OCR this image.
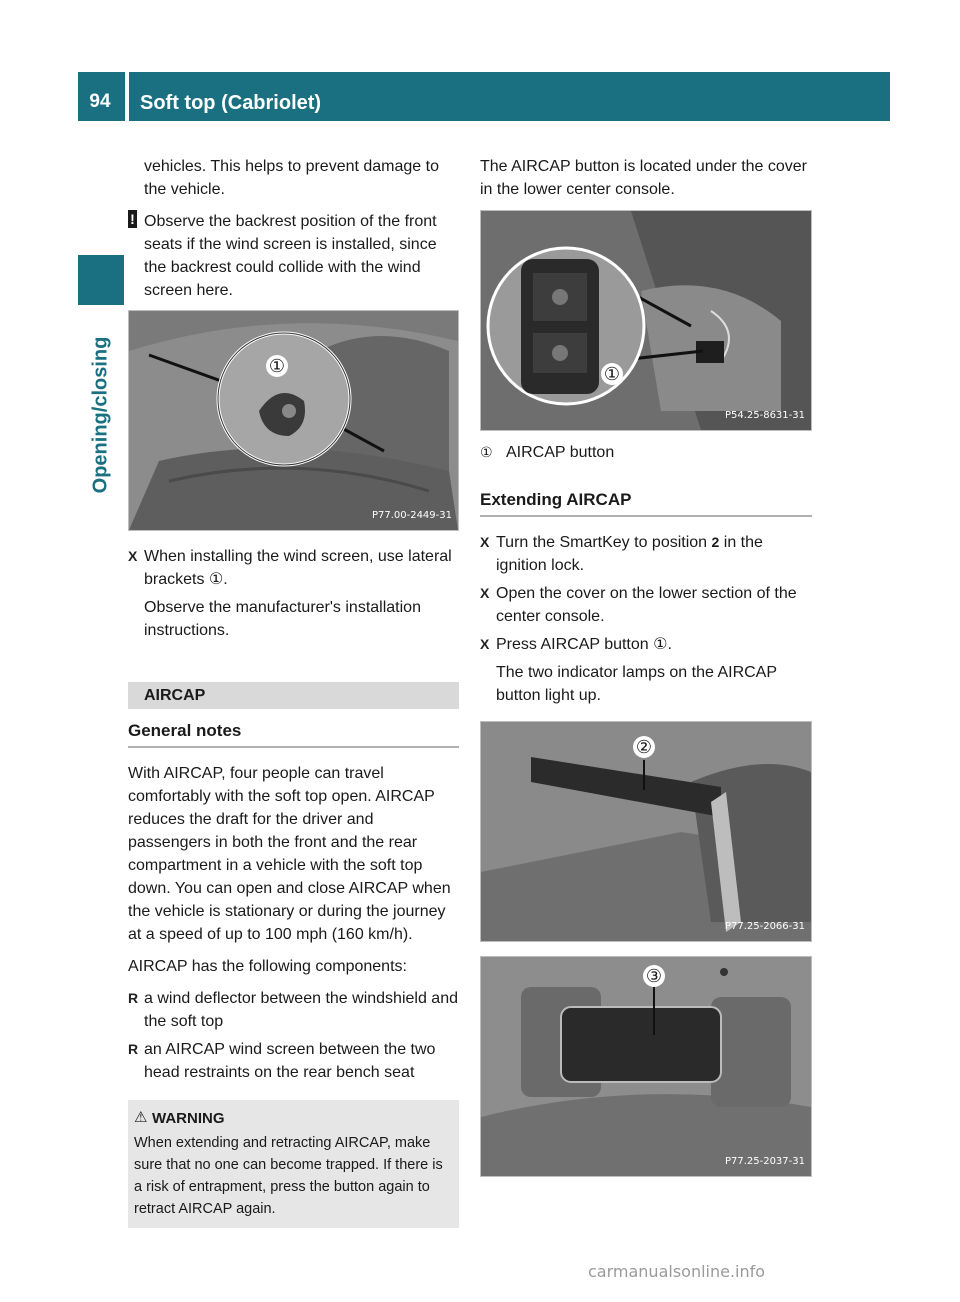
94	Soft top (Cabriolet)
Opening/closing

vehicles. This helps to prevent damage to the vehicle.

! Observe the backrest position of the front seats if the wind screen is installed, since the backrest could collide with the wind screen here.
①
P77.00-2449-31
X When installing the wind screen, use lateral brackets ①.

Observe the manufacturer's installation instructions.

AIRCAP
General notes

With AIRCAP, four people can travel comfortably with the soft top open. AIRCAP reduces the draft for the driver and passengers in both the front and the rear compartment in a vehicle with the soft top down. You can open and close AIRCAP when the vehicle is stationary or during the journey at a speed of up to 100 mph (160 km/h).

AIRCAP has the following components:

R a wind deflector between the windshield and the soft top
R an AIRCAP wind screen between the two head restraints on the rear bench seat
⚠ WARNING
When extending and retracting AIRCAP, make sure that no one can become trapped. If there is a risk of entrapment, press the button again to retract AIRCAP again.

The AIRCAP button is located under the cover in the lower center console.

①
P54.25-8631-31
① AIRCAP button
Extending AIRCAP
X Turn the SmartKey to position 2 in the ignition lock.
X Open the cover on the lower section of the center console.
X Press AIRCAP button ①.

The two indicator lamps on the AIRCAP button light up.

②
P77.25-2066-31
③
P77.25-2037-31
carmanualsonline.info
